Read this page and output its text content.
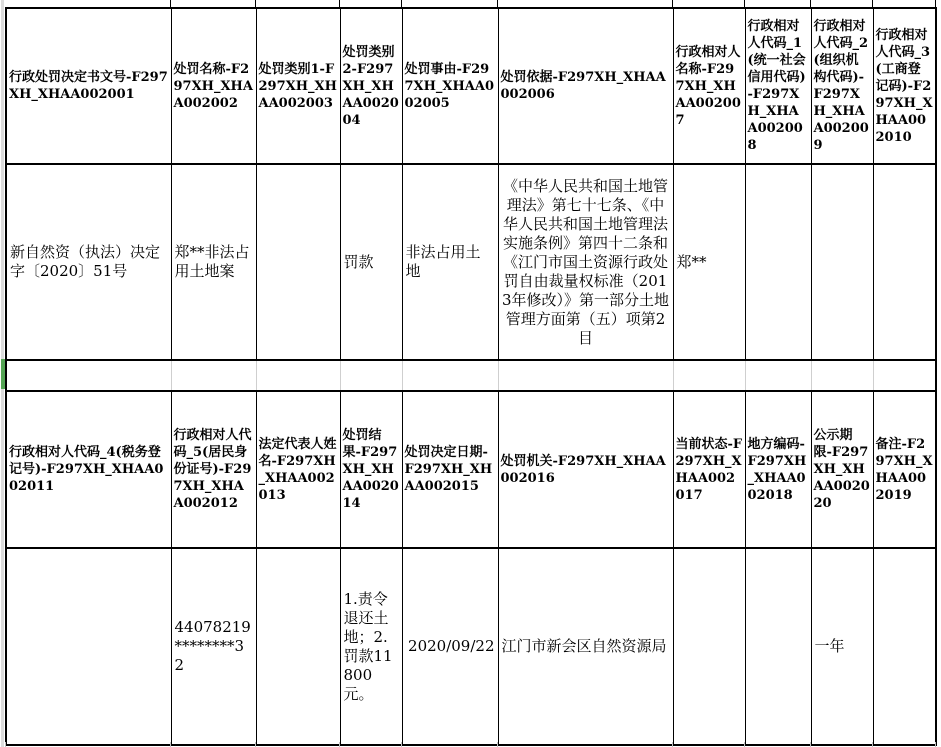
行政处罚决定书文号-F297XH_XHAA002001	处罚名称-F297XH_XHAA002002	处罚类别1-F297XH_XHAA002003	处罚类别2-F297XH_XHAA002004	处罚事由-F297XH_XHAA002005	处罚依据-F297XH_XHAA002006	行政相对人名称-F297XH_XHAA002007	行政相对人代码_1(统一社会信用代码)-F297XH_XHAA002008	行政相对人代码_2(组织机构代码)-F297XH_XHAA002009	行政相对人代码_3(工商登记码)-F297XH_XHAA002010
新自然资（执法）决定字〔2020〕51号	郑**非法占用土地案		罚款	非法占用土地	《中华人民共和国土地管理法》第七十七条、《中华人民共和国土地管理法实施条例》第四十二条和《江门市国土资源行政处罚自由裁量权标准（2013年修改）》第一部分土地管理方面第（五）项第2目	郑**			

行政相对人代码_4(税务登记号)-F297XH_XHAA002011	行政相对人代码_5(居民身份证号)-F297XH_XHAA002012	法定代表人姓名-F297XH_XHAA002013	处罚结果-F297XH_XHAA002014	处罚决定日期-F297XH_XHAA002015	处罚机关-F297XH_XHAA002016	当前状态-F297XH_XHAA002017	地方编码-F297XH_XHAA002018	公示期限-F297XH_XHAA002020	备注-F297XH_XHAA002019
	44078219********32		1.责令退还土地；2.罚款11800元。	2020/09/22	江门市新会区自然资源局			一年	
